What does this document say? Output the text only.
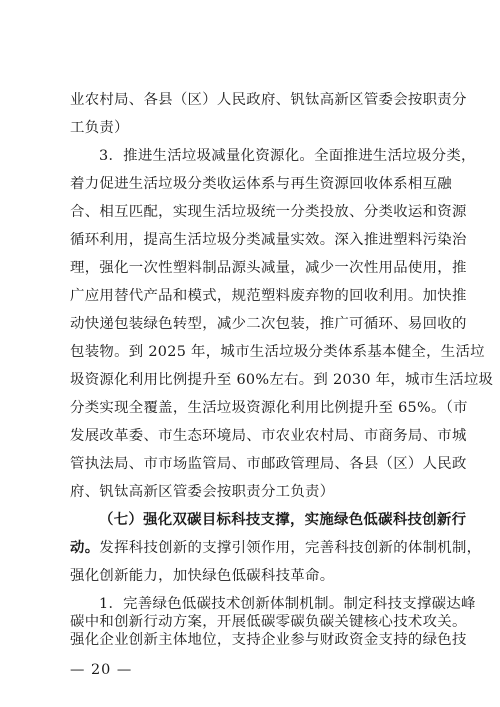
业农村局、各县（区）人民政府、钒钛高新区管委会按职责分
工负责）
3．推进生活垃圾减量化资源化。全面推进生活垃圾分类，
着力促进生活垃圾分类收运体系与再生资源回收体系相互融
合、相互匹配，实现生活垃圾统一分类投放、分类收运和资源
循环利用，提高生活垃圾分类减量实效。深入推进塑料污染治
理，强化一次性塑料制品源头减量，减少一次性用品使用，推
广应用替代产品和模式，规范塑料废弃物的回收利用。加快推
动快递包装绿色转型，减少二次包装，推广可循环、易回收的
包装物。到 2025 年，城市生活垃圾分类体系基本健全，生活垃
圾资源化利用比例提升至 60%左右。到 2030 年，城市生活垃圾
分类实现全覆盖，生活垃圾资源化利用比例提升至 65%。（市
发展改革委、市生态环境局、市农业农村局、市商务局、市城
管执法局、市市场监管局、市邮政管理局、各县（区）人民政
府、钒钛高新区管委会按职责分工负责）
（七）强化双碳目标科技支撑，实施绿色低碳科技创新行
动。发挥科技创新的支撑引领作用，完善科技创新的体制机制，
强化创新能力，加快绿色低碳科技革命。
1．完善绿色低碳技术创新体制机制。制定科技支撑碳达峰
碳中和创新行动方案，开展低碳零碳负碳关键核心技术攻关。
强化企业创新主体地位，支持企业参与财政资金支持的绿色技
— 20 —
